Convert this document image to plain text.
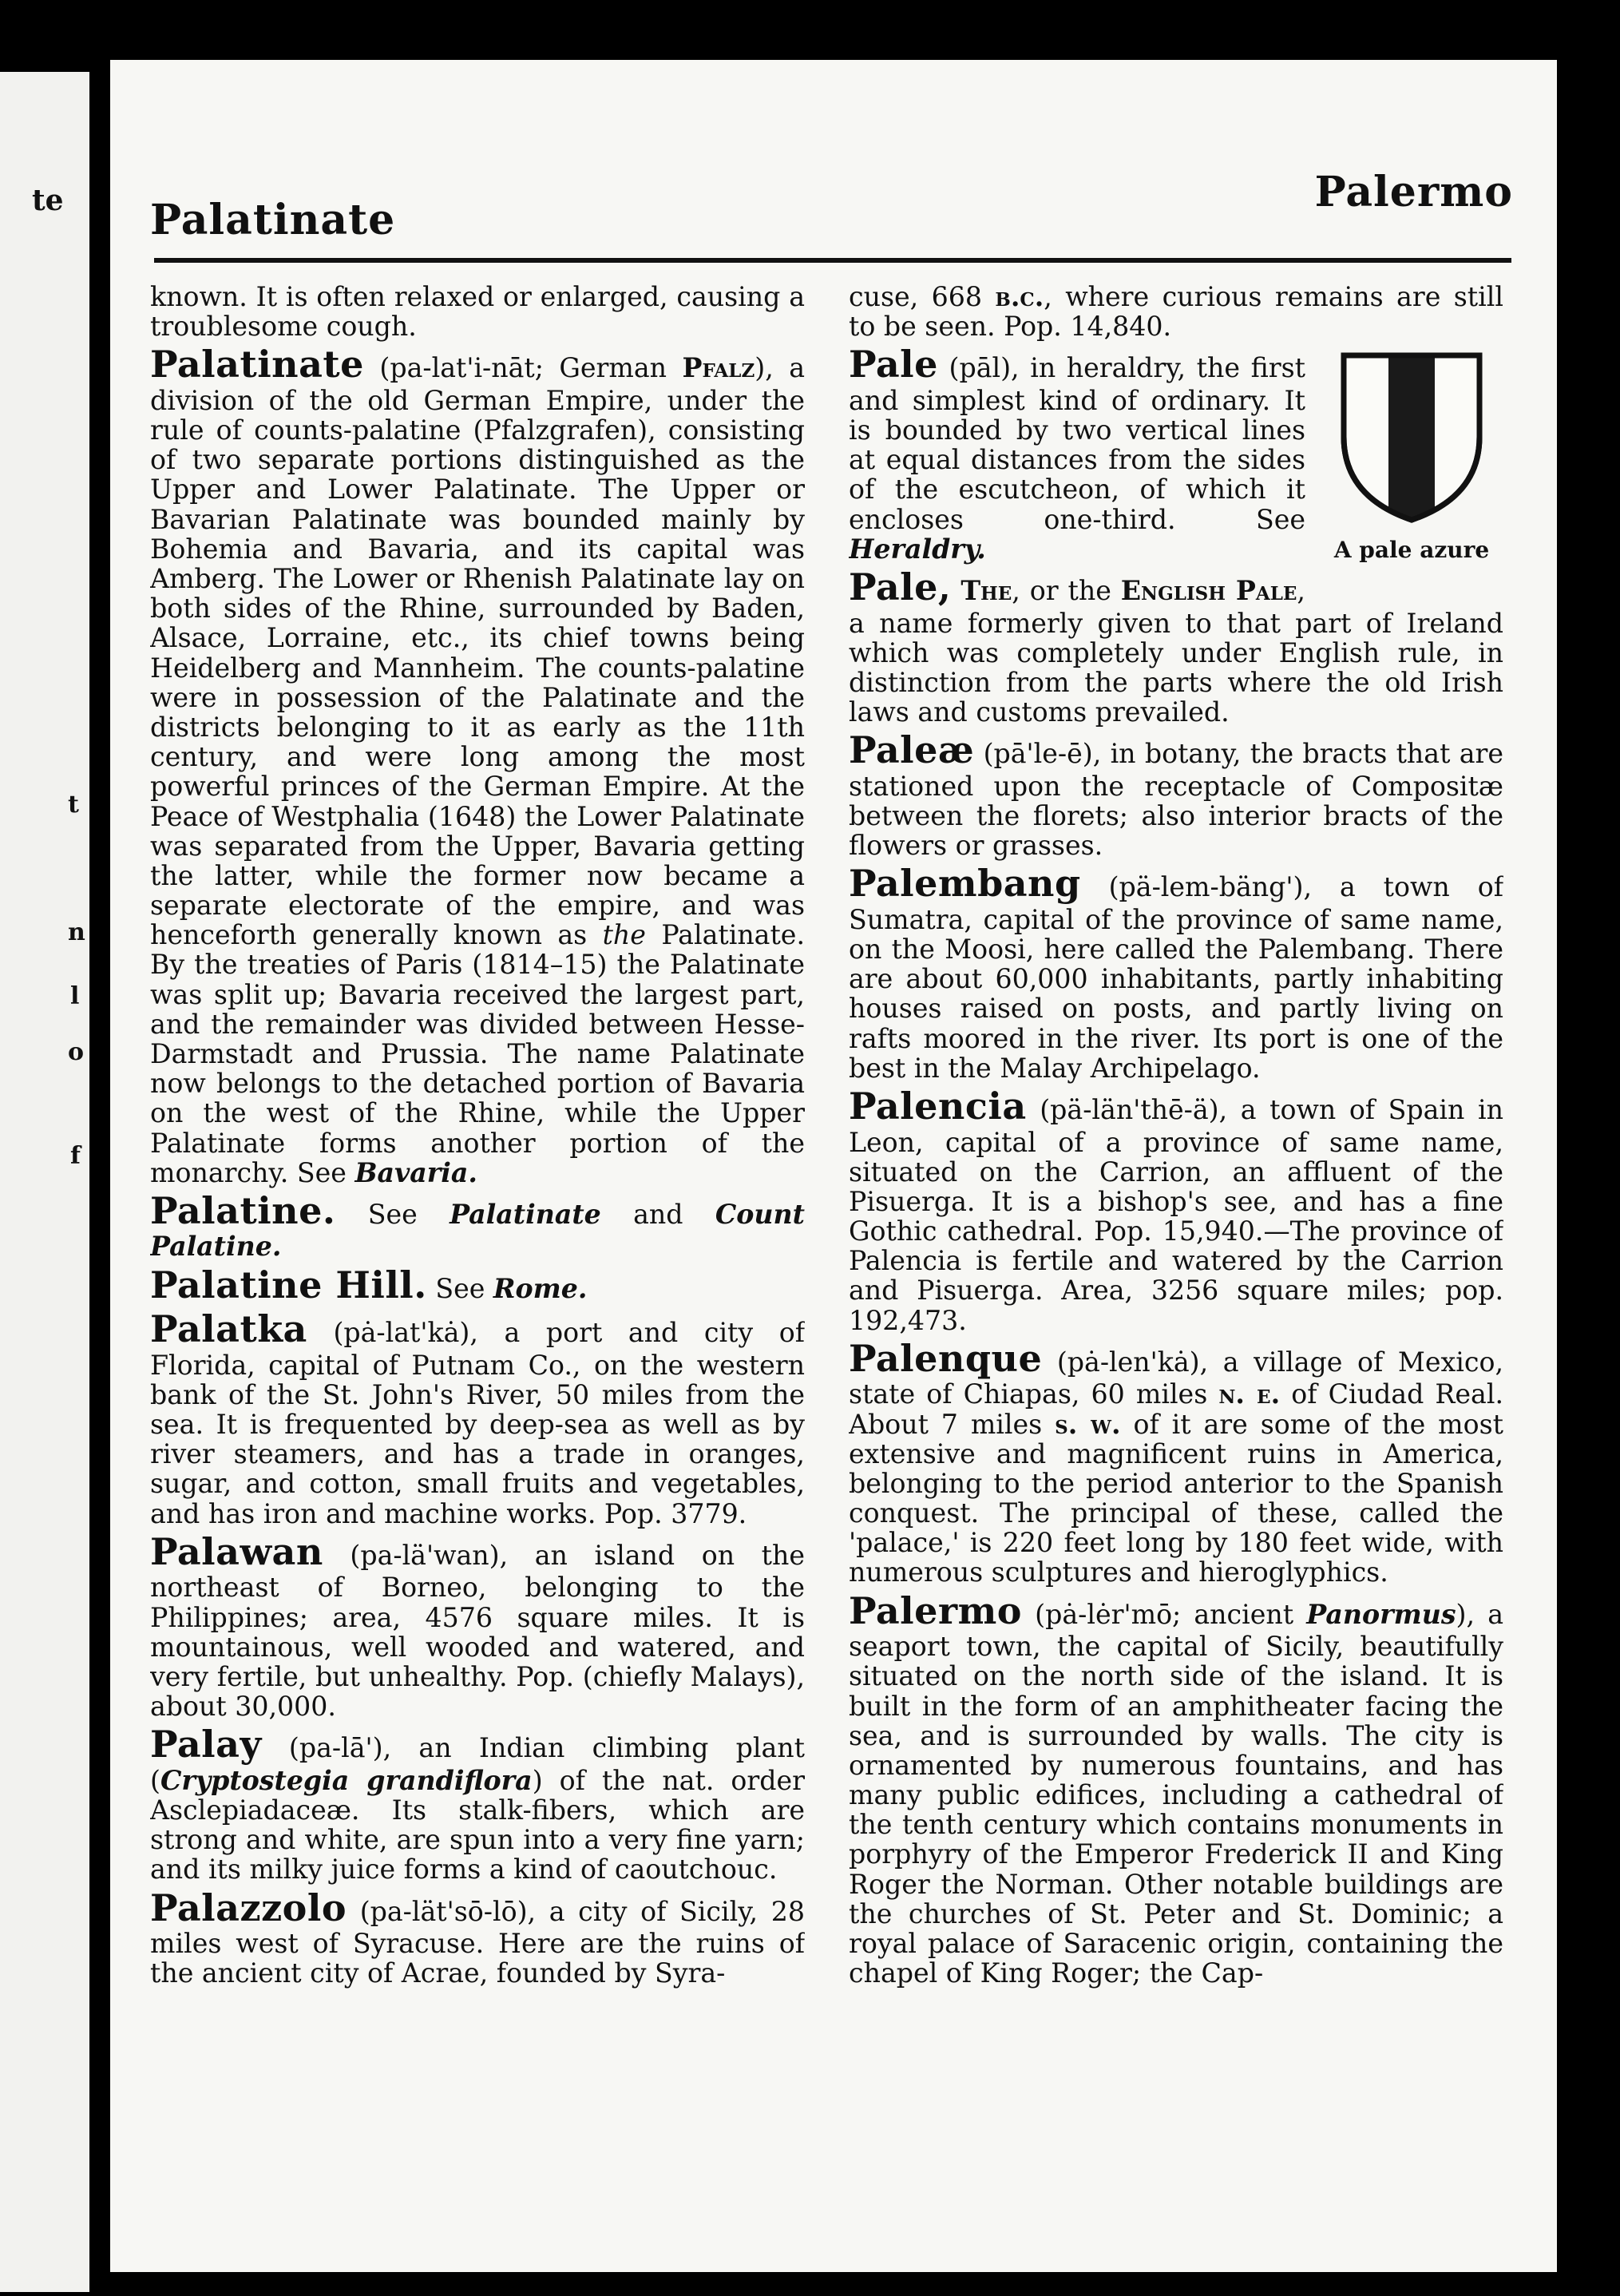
te
t
n
l
o
f
Palatinate
Palermo

known. It is often relaxed or enlarged, causing a troublesome cough.

Palatinate (pa-lat'i-nāt; German Pfalz), a division of the old German Empire, under the rule of counts-palatine (Pfalzgrafen), consisting of two separate portions distinguished as the Upper and Lower Palatinate. The Upper or Bavarian Palatinate was bounded mainly by Bohemia and Bavaria, and its capital was Amberg. The Lower or Rhenish Palatinate lay on both sides of the Rhine, surrounded by Baden, Alsace, Lorraine, etc., its chief towns being Heidelberg and Mannheim. The counts-palatine were in possession of the Palatinate and the districts belonging to it as early as the 11th century, and were long among the most powerful princes of the German Empire. At the Peace of Westphalia (1648) the Lower Palatinate was separated from the Upper, Bavaria getting the latter, while the former now became a separate electorate of the empire, and was henceforth generally known as the Palatinate. By the treaties of Paris (1814–15) the Palatinate was split up; Bavaria received the largest part, and the remainder was divided between Hesse-Darmstadt and Prussia. The name Palatinate now belongs to the detached portion of Bavaria on the west of the Rhine, while the Upper Palatinate forms another portion of the monarchy. See Bavaria.

Palatine. See Palatinate and Count Palatine.

Palatine Hill. See Rome.

Palatka (pȧ-lat'kȧ), a port and city of Florida, capital of Putnam Co., on the western bank of the St. John's River, 50 miles from the sea. It is frequented by deep-sea as well as by river steamers, and has a trade in oranges, sugar, and cotton, small fruits and vegetables, and has iron and machine works. Pop. 3779.

Palawan (pa-lä'wan), an island on the northeast of Borneo, belonging to the Philippines; area, 4576 square miles. It is mountainous, well wooded and watered, and very fertile, but unhealthy. Pop. (chiefly Malays), about 30,000.

Palay (pa-lā'), an Indian climbing plant (Cryptostegia grandiflora) of the nat. order Asclepiadaceæ. Its stalk-fibers, which are strong and white, are spun into a very fine yarn; and its milky juice forms a kind of caoutchouc.

Palazzolo (pa-lät'sō-lō), a city of Sicily, 28 miles west of Syracuse. Here are the ruins of the ancient city of Acrae, founded by Syra-

cuse, 668 b.c., where curious remains are still to be seen. Pop. 14,840.

A pale azure

Pale (pāl), in heraldry, the first and simplest kind of ordinary. It is bounded by two vertical lines at equal distances from the sides of the escutcheon, of which it encloses one-third. See Heraldry.

Pale, The, or the English Pale, a name formerly given to that part of Ireland which was completely under English rule, in distinction from the parts where the old Irish laws and customs prevailed.

Paleæ (pā'le-ē), in botany, the bracts that are stationed upon the receptacle of Compositæ between the florets; also interior bracts of the flowers or grasses.

Palembang (pä-lem-bäng'), a town of Sumatra, capital of the province of same name, on the Moosi, here called the Palembang. There are about 60,000 inhabitants, partly inhabiting houses raised on posts, and partly living on rafts moored in the river. Its port is one of the best in the Malay Archipelago.

Palencia (pä-län'thē-ä), a town of Spain in Leon, capital of a province of same name, situated on the Carrion, an affluent of the Pisuerga. It is a bishop's see, and has a fine Gothic cathedral. Pop. 15,940.—The province of Palencia is fertile and watered by the Carrion and Pisuerga. Area, 3256 square miles; pop. 192,473.

Palenque (pȧ-len'kȧ), a village of Mexico, state of Chiapas, 60 miles n. e. of Ciudad Real. About 7 miles s. w. of it are some of the most extensive and magnificent ruins in America, belonging to the period anterior to the Spanish conquest. The principal of these, called the 'palace,' is 220 feet long by 180 feet wide, with numerous sculptures and hieroglyphics.

Palermo (pȧ-lėr'mō; ancient Panormus), a seaport town, the capital of Sicily, beautifully situated on the north side of the island. It is built in the form of an amphitheater facing the sea, and is surrounded by walls. The city is ornamented by numerous fountains, and has many public edifices, including a cathedral of the tenth century which contains monuments in porphyry of the Emperor Frederick II and King Roger the Norman. Other notable buildings are the churches of St. Peter and St. Dominic; a royal palace of Saracenic origin, containing the chapel of King Roger; the Cap-
